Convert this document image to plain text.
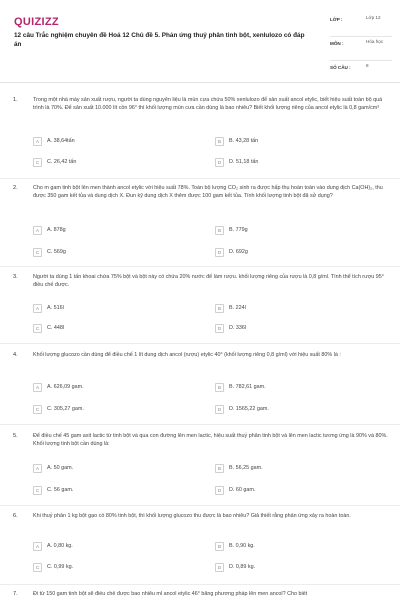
QUIZIZZ
12 câu Trắc nghiệm chuyên đề Hoá 12 Chủ đề 5. Phản ứng thuỷ phân tinh bột, xenlulozo có đáp án
LỚP :	Lớp 12
MÔN :	Hóa học
SỐ CÂU :	8
1.	Trong một nhà máy sản xuất rượu, người ta dùng nguyên liệu là mùn cưa chứa 50% xenlulozo để sản xuất ancol etylic, biết hiệu suất toàn bộ quá trình là 70%. Để sản xuất 10.000 lít cồn 96° thì khối lượng mùn cưa cần dùng là bao nhiêu? Biết khối lượng riêng của ancol etylic là 0,8 gam/cm³
A	A. 38,64tấn	B	B. 43,28 tấn
C	C. 26,42 tấn	D	D. 51,18 tấn
2.	Cho m gam tinh bột lên men thành ancol etylic với hiệu suất 78%. Toàn bộ lượng CO₂ sinh ra được hấp thụ hoàn toàn vào dung dịch Ca(OH)₂, thu được 350 gam kết tủa và dung dịch X. Đun kỹ dung dịch X thêm được 100 gam kết tủa. Tính khối lượng tinh bột đã sử dụng?
A	A. 878g	B	B. 779g
C	C. 569g	D	D. 692g
3.	Người ta dùng 1 tấn khoai chứa 75% bột và bột này có chứa 20% nước để làm rượu. khối lượng riêng của rượu là 0,8 g/ml. Tính thể tích rượu 95° điều chế được.
A	A. 516l	B	B. 224l
C	C. 448l	D	D. 336l
4.	Khối lượng glucozo cần dùng để điều chế 1 lít dung dịch ancol (rượu) etylic 40° (khối lượng riêng 0,8 g/ml) với hiệu suất 80% là :
A	A. 626,09 gam.	B	B. 782,61 gam.
C	C. 305,27 gam.	D	D. 1565,22 gam.
5.	Để điều chế 45 gam axit lactic từ tinh bột và qua con đường lên men lactic, hiệu suất thuỷ phân tinh bột và lên men lactic tương ứng là 90% và 80%. Khối lượng tinh bột cần dùng là:
A	A. 50 gam.	B	B. 56,25 gam.
C	C. 56 gam.	D	D. 60 gam.
6.	Khi thuỷ phân 1 kg bột gạo có 80% tinh bột, thì khối lượng glucozo thu được là bao nhiêu? Giả thiết rằng phản ứng xảy ra hoàn toàn.
A	A. 0,80 kg.	B	B. 0,90 kg.
C	C. 0,99 kg.	D	D. 0,89 kg.
7.	Đi từ 150 gam tinh bột sẽ điều chế được bao nhiêu ml ancol etylic 46° bằng phương pháp lên men ancol? Cho biết
